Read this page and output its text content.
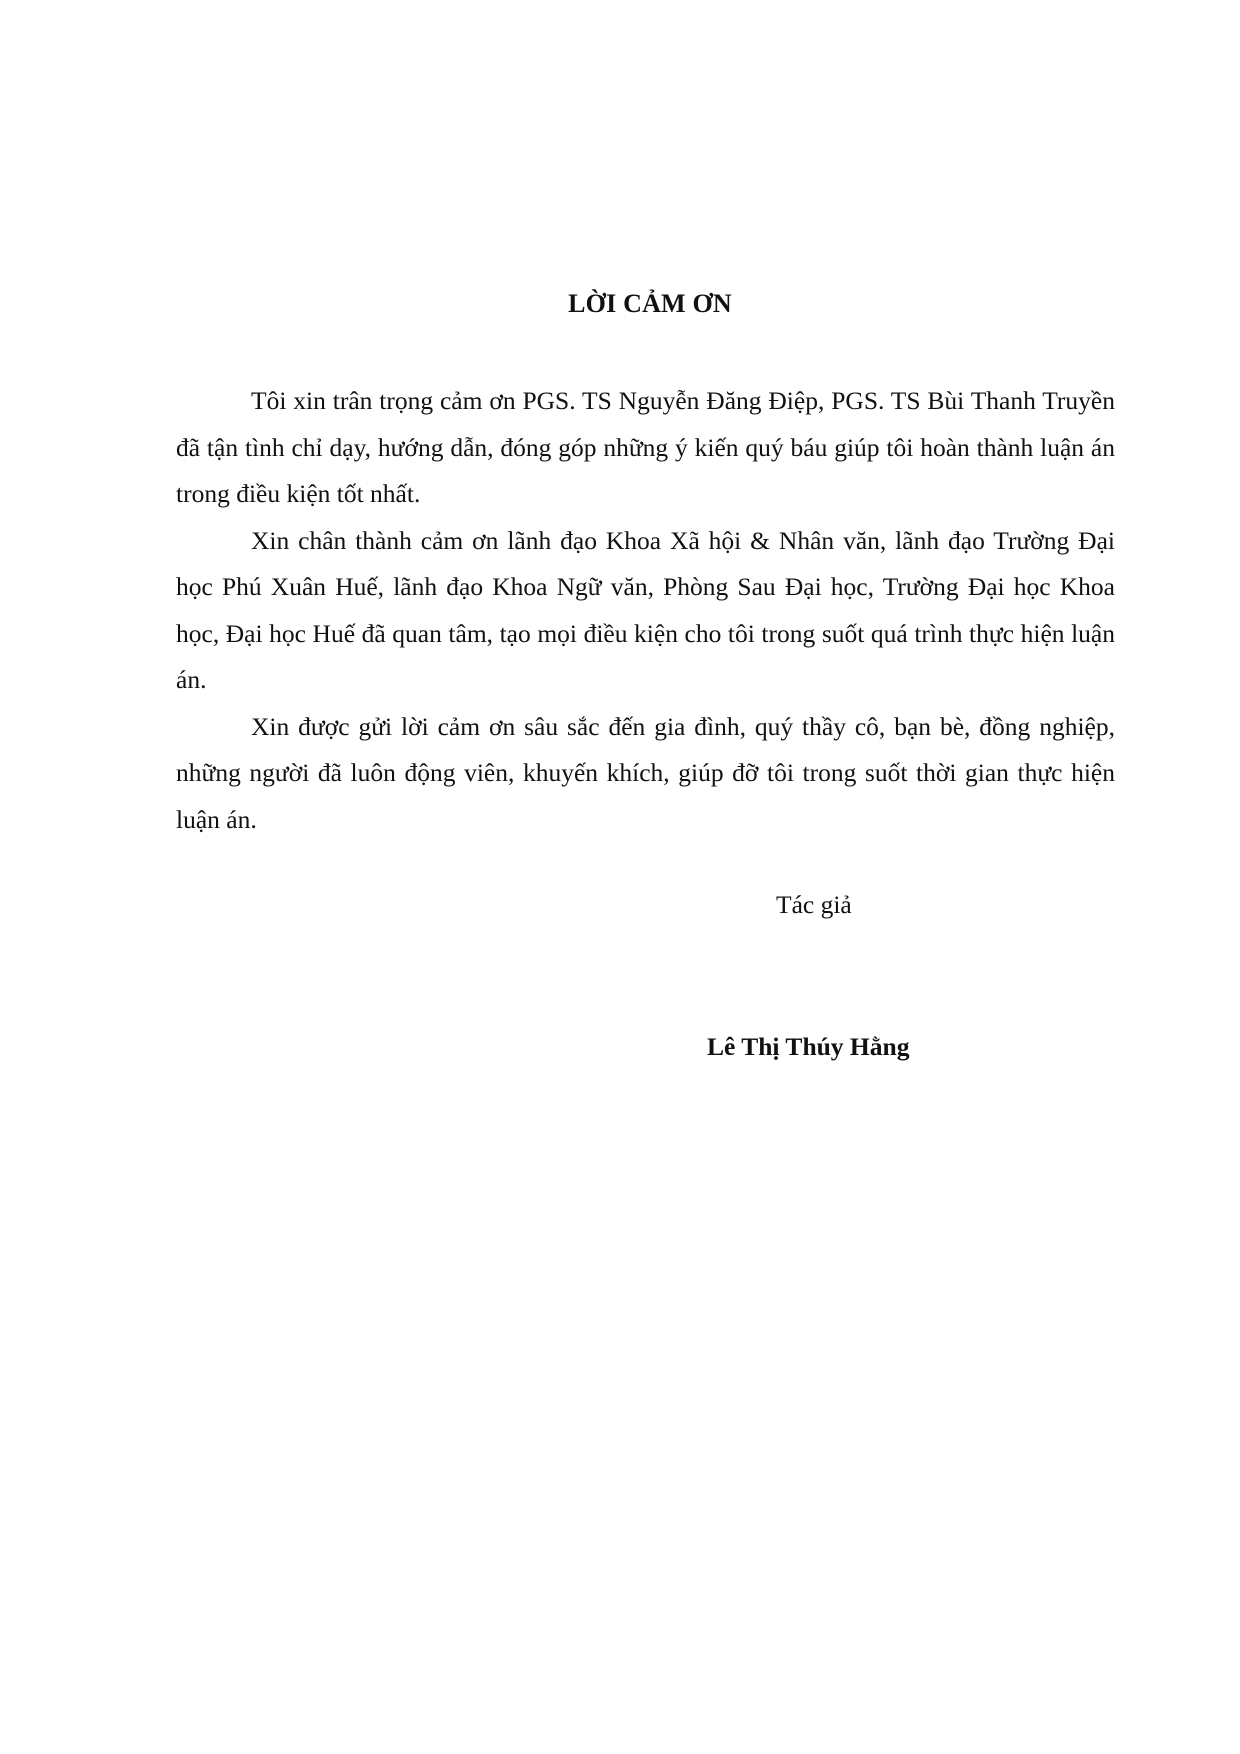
LỜI CẢM ƠN

Tôi xin trân trọng cảm ơn PGS. TS Nguyễn Đăng Điệp, PGS. TS Bùi Thanh Truyền đã tận tình chỉ dạy, hướng dẫn, đóng góp những ý kiến quý báu giúp tôi hoàn thành luận án trong điều kiện tốt nhất.

Xin chân thành cảm ơn lãnh đạo Khoa Xã hội & Nhân văn, lãnh đạo Trường Đại học Phú Xuân Huế, lãnh đạo Khoa Ngữ văn, Phòng Sau Đại học, Trường Đại học Khoa học, Đại học Huế đã quan tâm, tạo mọi điều kiện cho tôi trong suốt quá trình thực hiện luận án.

Xin được gửi lời cảm ơn sâu sắc đến gia đình, quý thầy cô, bạn bè, đồng nghiệp, những người đã luôn động viên, khuyến khích, giúp đỡ tôi trong suốt thời gian thực hiện luận án.

Tác giả
Lê Thị Thúy Hằng
